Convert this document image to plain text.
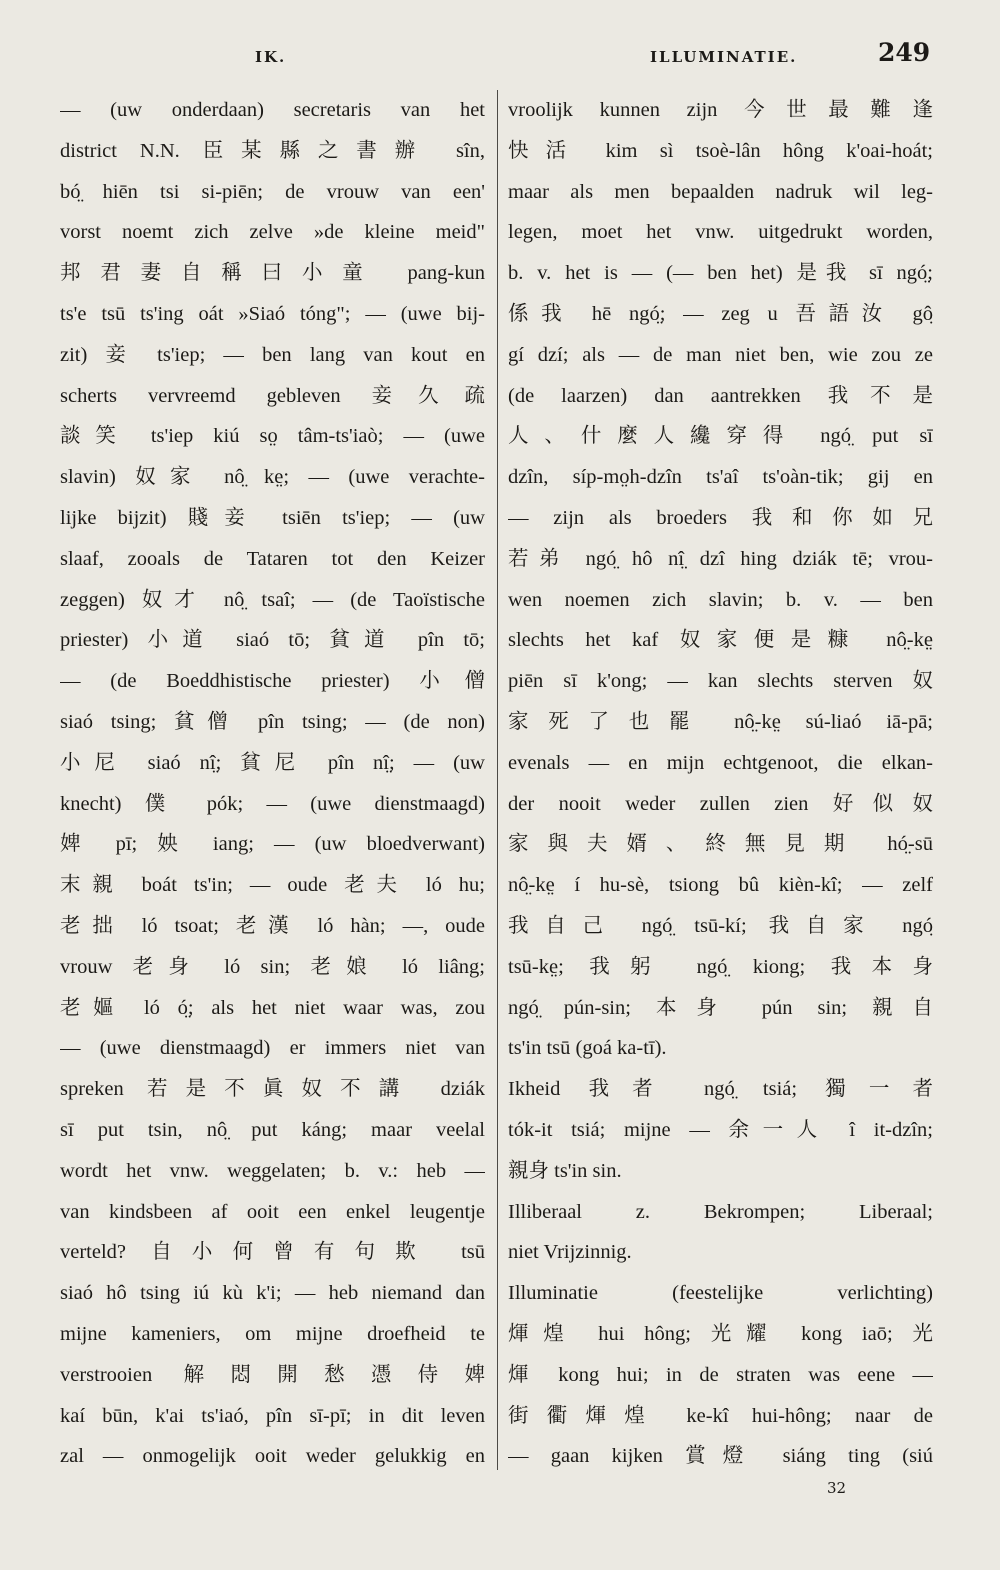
IK.	ILLUMINATIE.	249
— (uw onderdaan) secretaris van het
district N.N. 臣某縣之書辦 sîn,
bó̤ hiēn tsi si-piēn; de vrouw van een'
vorst noemt zich zelve »de kleine meid"
邦君妻自稱曰小童 pang-kun
ts'e tsū ts'ing oát »Siaó tóng"; — (uwe bij-
zit) 妾 ts'iep; — ben lang van kout en
scherts vervreemd gebleven 妾久疏
談笑 ts'iep kiú so̤ tâm-ts'iaò; — (uwe
slavin) 奴家 nô̤ ke̤; — (uwe verachte-
lijke bijzit) 賤妾 tsiēn ts'iep; — (uw
slaaf, zooals de Tataren tot den Keizer
zeggen) 奴才 nô̤ tsaî; — (de Taoïstische
priester) 小道 siaó tō; 貧道 pîn tō;
— (de Boeddhistische priester) 小僧
siaó tsing; 貧僧 pîn tsing; — (de non)
小尼 siaó nî̤; 貧尼 pîn nî̤; — (uw
knecht) 僕 pók; — (uwe dienstmaagd)
婢 pī; 姎 iang; — (uw bloedverwant)
末親 boát ts'in; — oude 老夫 ló hu;
老拙 ló tsoat; 老漢 ló hàn; —, oude
vrouw 老身 ló sin; 老娘 ló liâng;
老嫗 ló ó̤; als het niet waar was, zou
— (uwe dienstmaagd) er immers niet van
spreken 若是不眞奴不講 dziák
sī put tsin, nô̤ put káng; maar veelal
wordt het vnw. weggelaten; b. v.: heb —
van kindsbeen af ooit een enkel leugentje
verteld? 自小何曾有句欺 tsū
siaó hô tsing iú kù k'i; — heb niemand dan
mijne kameniers, om mijne droefheid te
verstrooien 解悶開愁憑侍婢
kaí būn, k'ai ts'iaó, pîn sī-pī; in dit leven
zal — onmogelijk ooit weder gelukkig en
vroolijk kunnen zijn 今世最難逢
快活 kim sì tsoè-lân hông k'oai-hoát;
maar als men bepaalden nadruk wil leg-
legen, moet het vnw. uitgedrukt worden,
b. v. het is — (— ben het) 是我 sī ngó̤;
係我 hē ngó̤; — zeg u 吾語汝 gô̤
gí dzí; als — de man niet ben, wie zou ze
(de laarzen) dan aantrekken 我不是
人、什麼人纔穿得 ngó̤ put sī
dzîn, síp-mo̤h-dzîn ts'aî ts'oàn-tik; gij en
— zijn als broeders 我和你如兄
若弟 ngó̤ hô nî̤ dzî hing dziák tē; vrou-
wen noemen zich slavin; b. v. — ben
slechts het kaf 奴家便是糠 nô̤-ke̤
piēn sī k'ong; — kan slechts sterven 奴
家死了也罷 nô̤-ke̤ sú-liaó iā-pā;
evenals — en mijn echtgenoot, die elkan-
der nooit weder zullen zien 好似奴
家與夫婿、終無見期 hó̤-sū
nô̤-ke̤ í hu-sè, tsiong bû kièn-kî; — zelf
我自己 ngó̤ tsū-kí; 我自家 ngó̤
tsū-ke̤; 我躬 ngó̤ kiong; 我本身
ngó̤ pún-sin; 本身 pún sin; 親自
ts'in tsū (goá ka-tī).
Ikheid 我者 ngó̤ tsiá; 獨一者
tók-it tsiá; mijne — 余一人 î it-dzîn;
親身 ts'in sin.
Illiberaal z. Bekrompen; Liberaal;
niet Vrijzinnig.
Illuminatie (feestelijke verlichting)
煇煌 hui hông; 光耀 kong iaō; 光
煇 kong hui; in de straten was eene —
街衢煇煌 ke-kî hui-hông; naar de
— gaan kijken 賞燈 siáng ting (siú
32
